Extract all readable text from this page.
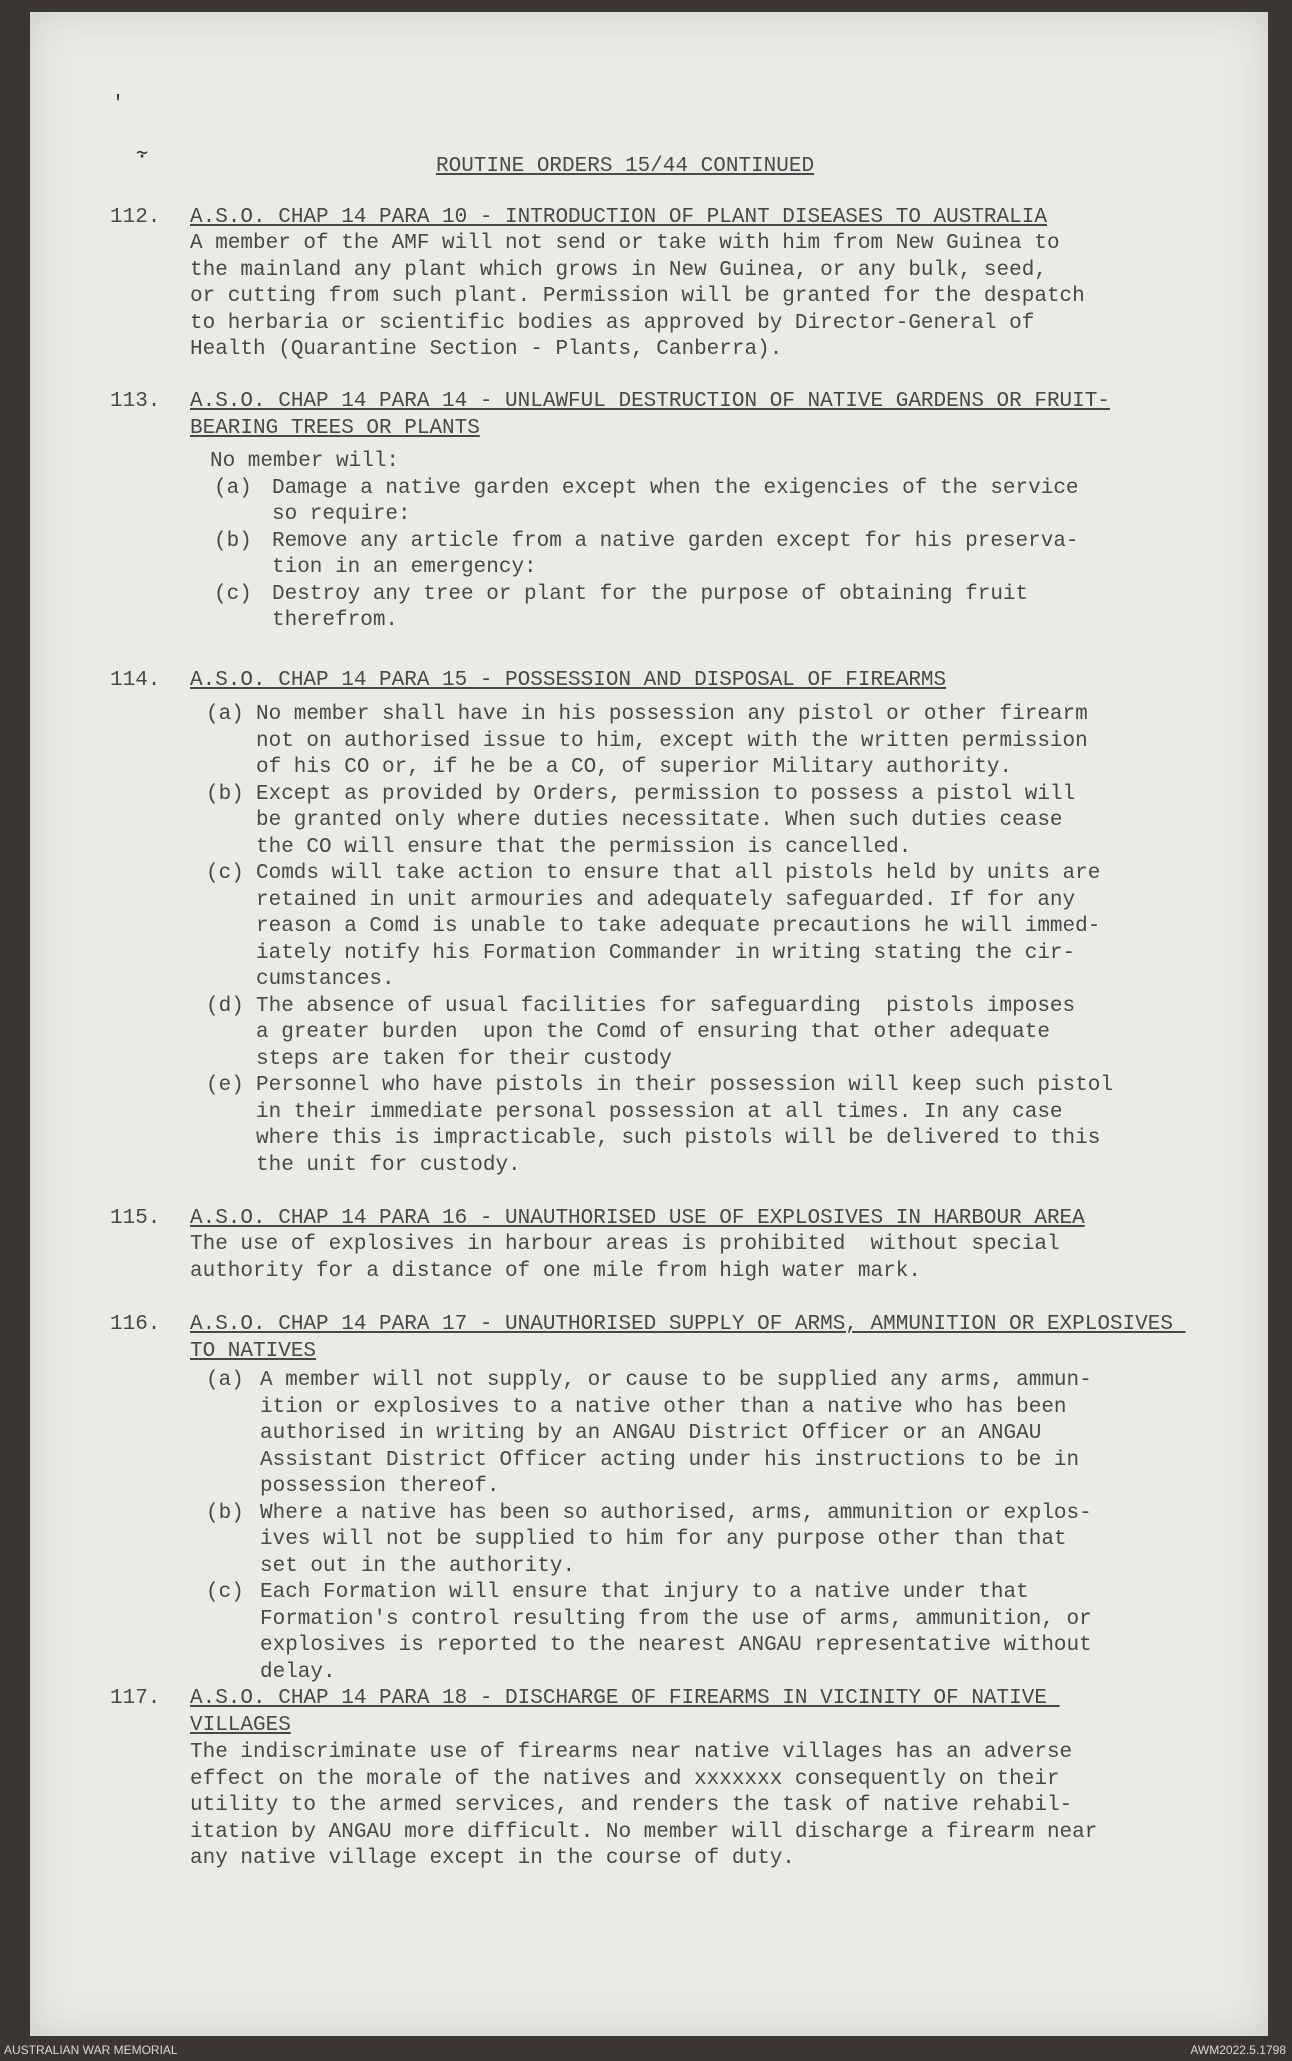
′
⸟
ROUTINE ORDERS 15/44 CONTINUED
112.	A.S.O. CHAP 14 PARA 10 - INTRODUCTION OF PLANT DISEASES TO AUSTRALIA
A member of the AMF will not send or take with him from New Guinea to
the mainland any plant which grows in New Guinea, or any bulk, seed,
or cutting from such plant. Permission will be granted for the despatch
to herbaria or scientific bodies as approved by Director-General of
Health (Quarantine Section - Plants, Canberra).
113.	A.S.O. CHAP 14 PARA 14 - UNLAWFUL DESTRUCTION OF NATIVE GARDENS OR FRUIT-BEARING TREES OR PLANTS
No member will:
(a) Damage a native garden except when the exigencies of the service
so require:
(b) Remove any article from a native garden except for his preserva-
tion in an emergency:
(c) Destroy any tree or plant for the purpose of obtaining fruit
therefrom.
114.	A.S.O. CHAP 14 PARA 15 - POSSESSION AND DISPOSAL OF FIREARMS
(a) No member shall have in his possession any pistol or other firearm
not on authorised issue to him, except with the written permission
of his CO or, if he be a CO, of superior Military authority.
(b) Except as provided by Orders, permission to possess a pistol will
be granted only where duties necessitate. When such duties cease
the CO will ensure that the permission is cancelled.
(c) Comds will take action to ensure that all pistols held by units are
retained in unit armouries and adequately safeguarded. If for any
reason a Comd is unable to take adequate precautions he will immed-
iately notify his Formation Commander in writing stating the cir-
cumstances.
(d) The absence of usual facilities for safeguarding  pistols imposes
a greater burden  upon the Comd of ensuring that other adequate
steps are taken for their custody
(e) Personnel who have pistols in their possession will keep such pistol
in their immediate personal possession at all times. In any case
where this is impracticable, such pistols will be delivered to this
the unit for custody.
115.	A.S.O. CHAP 14 PARA 16 - UNAUTHORISED USE OF EXPLOSIVES IN HARBOUR AREA
The use of explosives in harbour areas is prohibited  without special
authority for a distance of one mile from high water mark.
116.	A.S.O. CHAP 14 PARA 17 - UNAUTHORISED SUPPLY OF ARMS, AMMUNITION OR EXPLOSIVES TO NATIVES
(a) A member will not supply, or cause to be supplied any arms, ammun-
ition or explosives to a native other than a native who has been
authorised in writing by an ANGAU District Officer or an ANGAU
Assistant District Officer acting under his instructions to be in
possession thereof.
(b) Where a native has been so authorised, arms, ammunition or explos-
ives will not be supplied to him for any purpose other than that
set out in the authority.
(c) Each Formation will ensure that injury to a native under that
Formation's control resulting from the use of arms, ammunition, or
explosives is reported to the nearest ANGAU representative without
delay.
117.	A.S.O. CHAP 14 PARA 18 - DISCHARGE OF FIREARMS IN VICINITY OF NATIVE VILLAGES
The indiscriminate use of firearms near native villages has an adverse
effect on the morale of the natives and xxxxxxx consequently on their
utility to the armed services, and renders the task of native rehabil-
itation by ANGAU more difficult. No member will discharge a firearm near
any native village except in the course of duty.
AUSTRALIAN WAR MEMORIAL	AWM2022.5.1798
